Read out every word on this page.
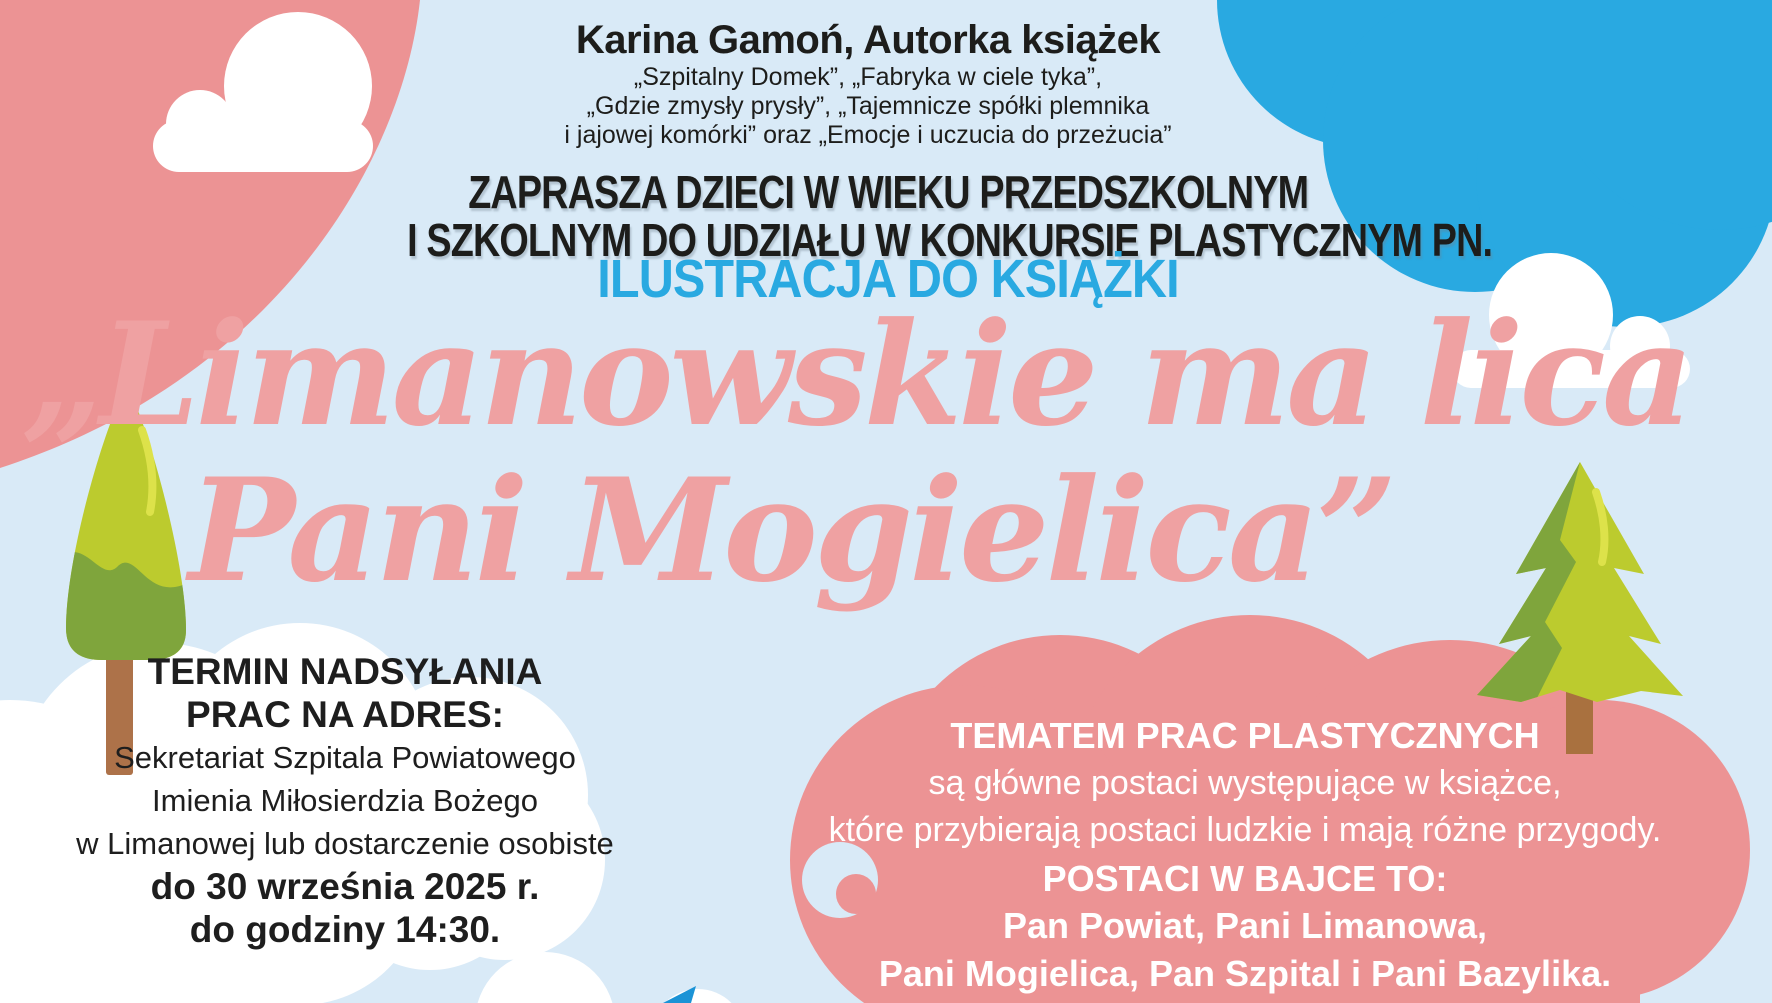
Karina Gamoń, Autorka książek
„Szpitalny Domek”, „Fabryka w ciele tyka”,
„Gdzie zmysły prysły”, „Tajemnicze spółki plemnika
i jajowej komórki” oraz „Emocje i uczucia do przeżucia”
ZAPRASZA DZIECI W WIEKU PRZEDSZKOLNYM
I SZKOLNYM DO UDZIAŁU W KONKURSIE PLASTYCZNYM PN.
ILUSTRACJA DO KSIĄŻKI
„Limanowskie ma lica
Pani Mogielica”
TERMIN NADSYŁANIA
PRAC NA ADRES:
Sekretariat Szpitala Powiatowego
Imienia Miłosierdzia Bożego
w Limanowej lub dostarczenie osobiste
do 30 września 2025 r.
do godziny 14:30.
TEMATEM PRAC PLASTYCZNYCH
są główne postaci występujące w książce,
które przybierają postaci ludzkie i mają różne przygody.
POSTACI W BAJCE TO:
Pan Powiat, Pani Limanowa,
Pani Mogielica, Pan Szpital i Pani Bazylika.
